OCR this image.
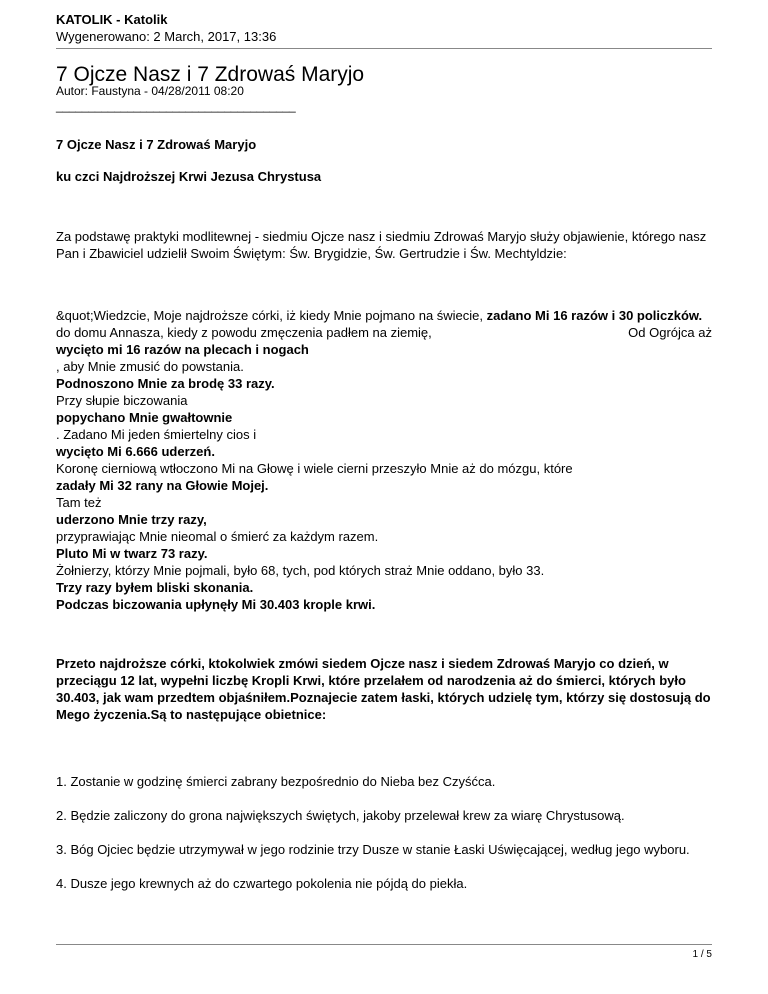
KATOLIK - Katolik
Wygenerowano: 2 March, 2017, 13:36
7 Ojcze Nasz i 7 Zdrowaś Maryjo
Autor: Faustyna - 04/28/2011 08:20
_____________________________________

7 Ojcze Nasz i 7 Zdrowaś Maryjo

ku czci Najdroższej Krwi Jezusa Chrystusa

Za podstawę praktyki modlitewnej - siedmiu Ojcze nasz i siedmiu Zdrowaś Maryjo służy objawienie, którego nasz Pan i Zbawiciel udzielił Swoim Świętym: Św. Brygidzie, Św. Gertrudzie i Św. Mechtyldzie:

&quot;Wiedzcie, Moje najdroższe córki, iż kiedy Mnie pojmano na świecie, zadano Mi 16 razów i 30 policzków.
Od Ogrójca aż

do domu Annasza, kiedy z powodu zmęczenia padłem na ziemię,

wycięto mi 16 razów na plecach i nogach

, aby Mnie zmusić do powstania.

Podnoszono Mnie za brodę 33 razy.

Przy słupie biczowania

popychano Mnie gwałtownie

. Zadano Mi jeden śmiertelny cios i

wycięto Mi 6.666 uderzeń.

Koronę cierniową wtłoczono Mi na Głowę i wiele cierni przeszyło Mnie aż do mózgu, które

zadały Mi 32 rany na Głowie Mojej.

Tam też

uderzono Mnie trzy razy,

przyprawiając Mnie nieomal o śmierć za każdym razem.

Pluto Mi w twarz 73 razy.

Żołnierzy, którzy Mnie pojmali, było 68, tych, pod których straż Mnie oddano, było 33.

Trzy razy byłem bliski skonania.

Podczas biczowania upłynęły Mi 30.403 krople krwi.

Przeto najdroższe córki, ktokolwiek zmówi siedem Ojcze nasz i siedem Zdrowaś Maryjo co dzień, w przeciągu 12 lat, wypełni liczbę Kropli Krwi, które przelałem od narodzenia aż do śmierci, których było 30.403, jak wam przedtem objaśniłem.Poznajecie zatem łaski, których udzielę tym, którzy się dostosują do Mego życzenia.Są to następujące obietnice:

1. Zostanie w godzinę śmierci zabrany bezpośrednio do Nieba bez Czyśćca.

2. Będzie zaliczony do grona największych świętych, jakoby przelewał krew za wiarę Chrystusową.

3. Bóg Ojciec będzie utrzymywał w jego rodzinie trzy Dusze w stanie Łaski Uświęcającej, według jego wyboru.

4. Dusze jego krewnych aż do czwartego pokolenia nie pójdą do piekła.

1 / 5
